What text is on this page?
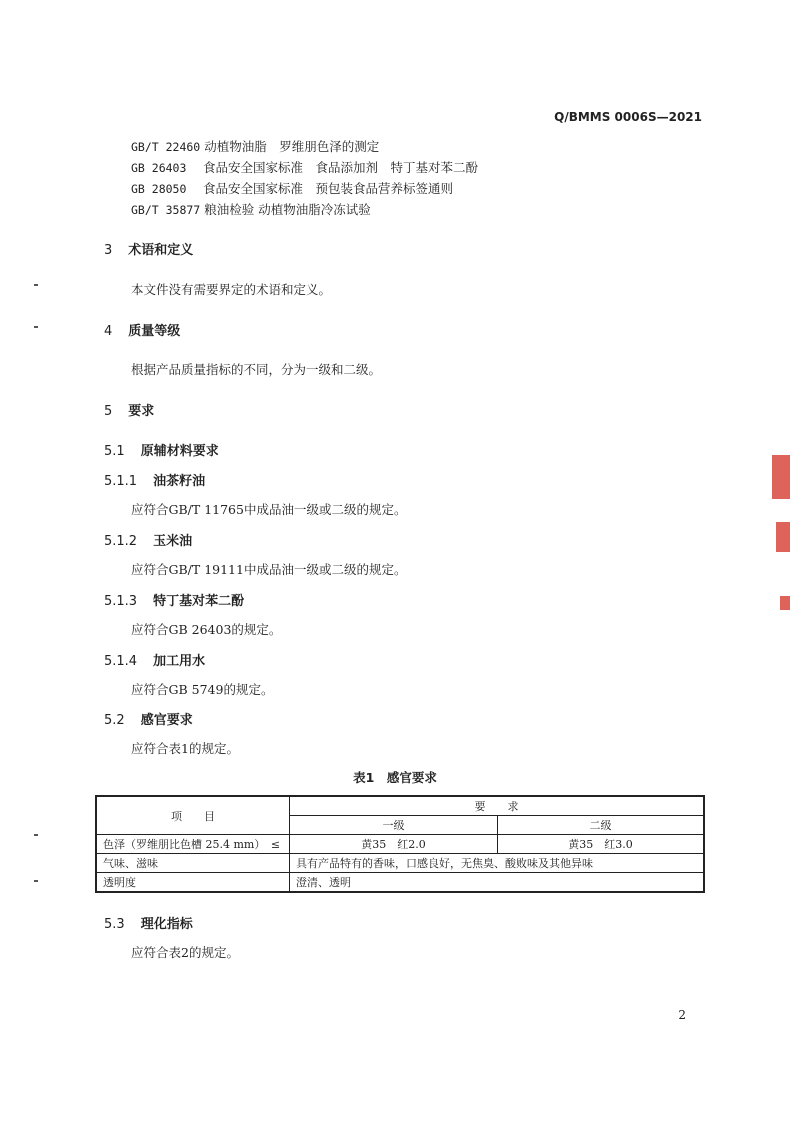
Q/BMMS 0006S—2021
GB/T 22460 动植物油脂　罗维朋色泽的测定
GB 26403 食品安全国家标准　食品添加剂　特丁基对苯二酚
GB 28050 食品安全国家标准　预包装食品营养标签通则
GB/T 35877 粮油检验 动植物油脂冷冻试验
3 术语和定义
本文件没有需要界定的术语和定义。
4 质量等级
根据产品质量指标的不同，分为一级和二级。
5 要求
5.1 原辅材料要求
5.1.1 油茶籽油
应符合GB/T 11765中成品油一级或二级的规定。
5.1.2 玉米油
应符合GB/T 19111中成品油一级或二级的规定。
5.1.3 特丁基对苯二酚
应符合GB 26403的规定。
5.1.4 加工用水
应符合GB 5749的规定。
5.2 感官要求
应符合表1的规定。
表1　感官要求
项　　目	要　　求	
	一级	二级
色泽（罗维朋比色槽 25.4 mm）　≤	黄35　红2.0	黄35　红3.0
气味、滋味	具有产品特有的香味，口感良好，无焦臭、酸败味及其他异味	
透明度	澄清、透明	
5.3 理化指标
应符合表2的规定。
2
